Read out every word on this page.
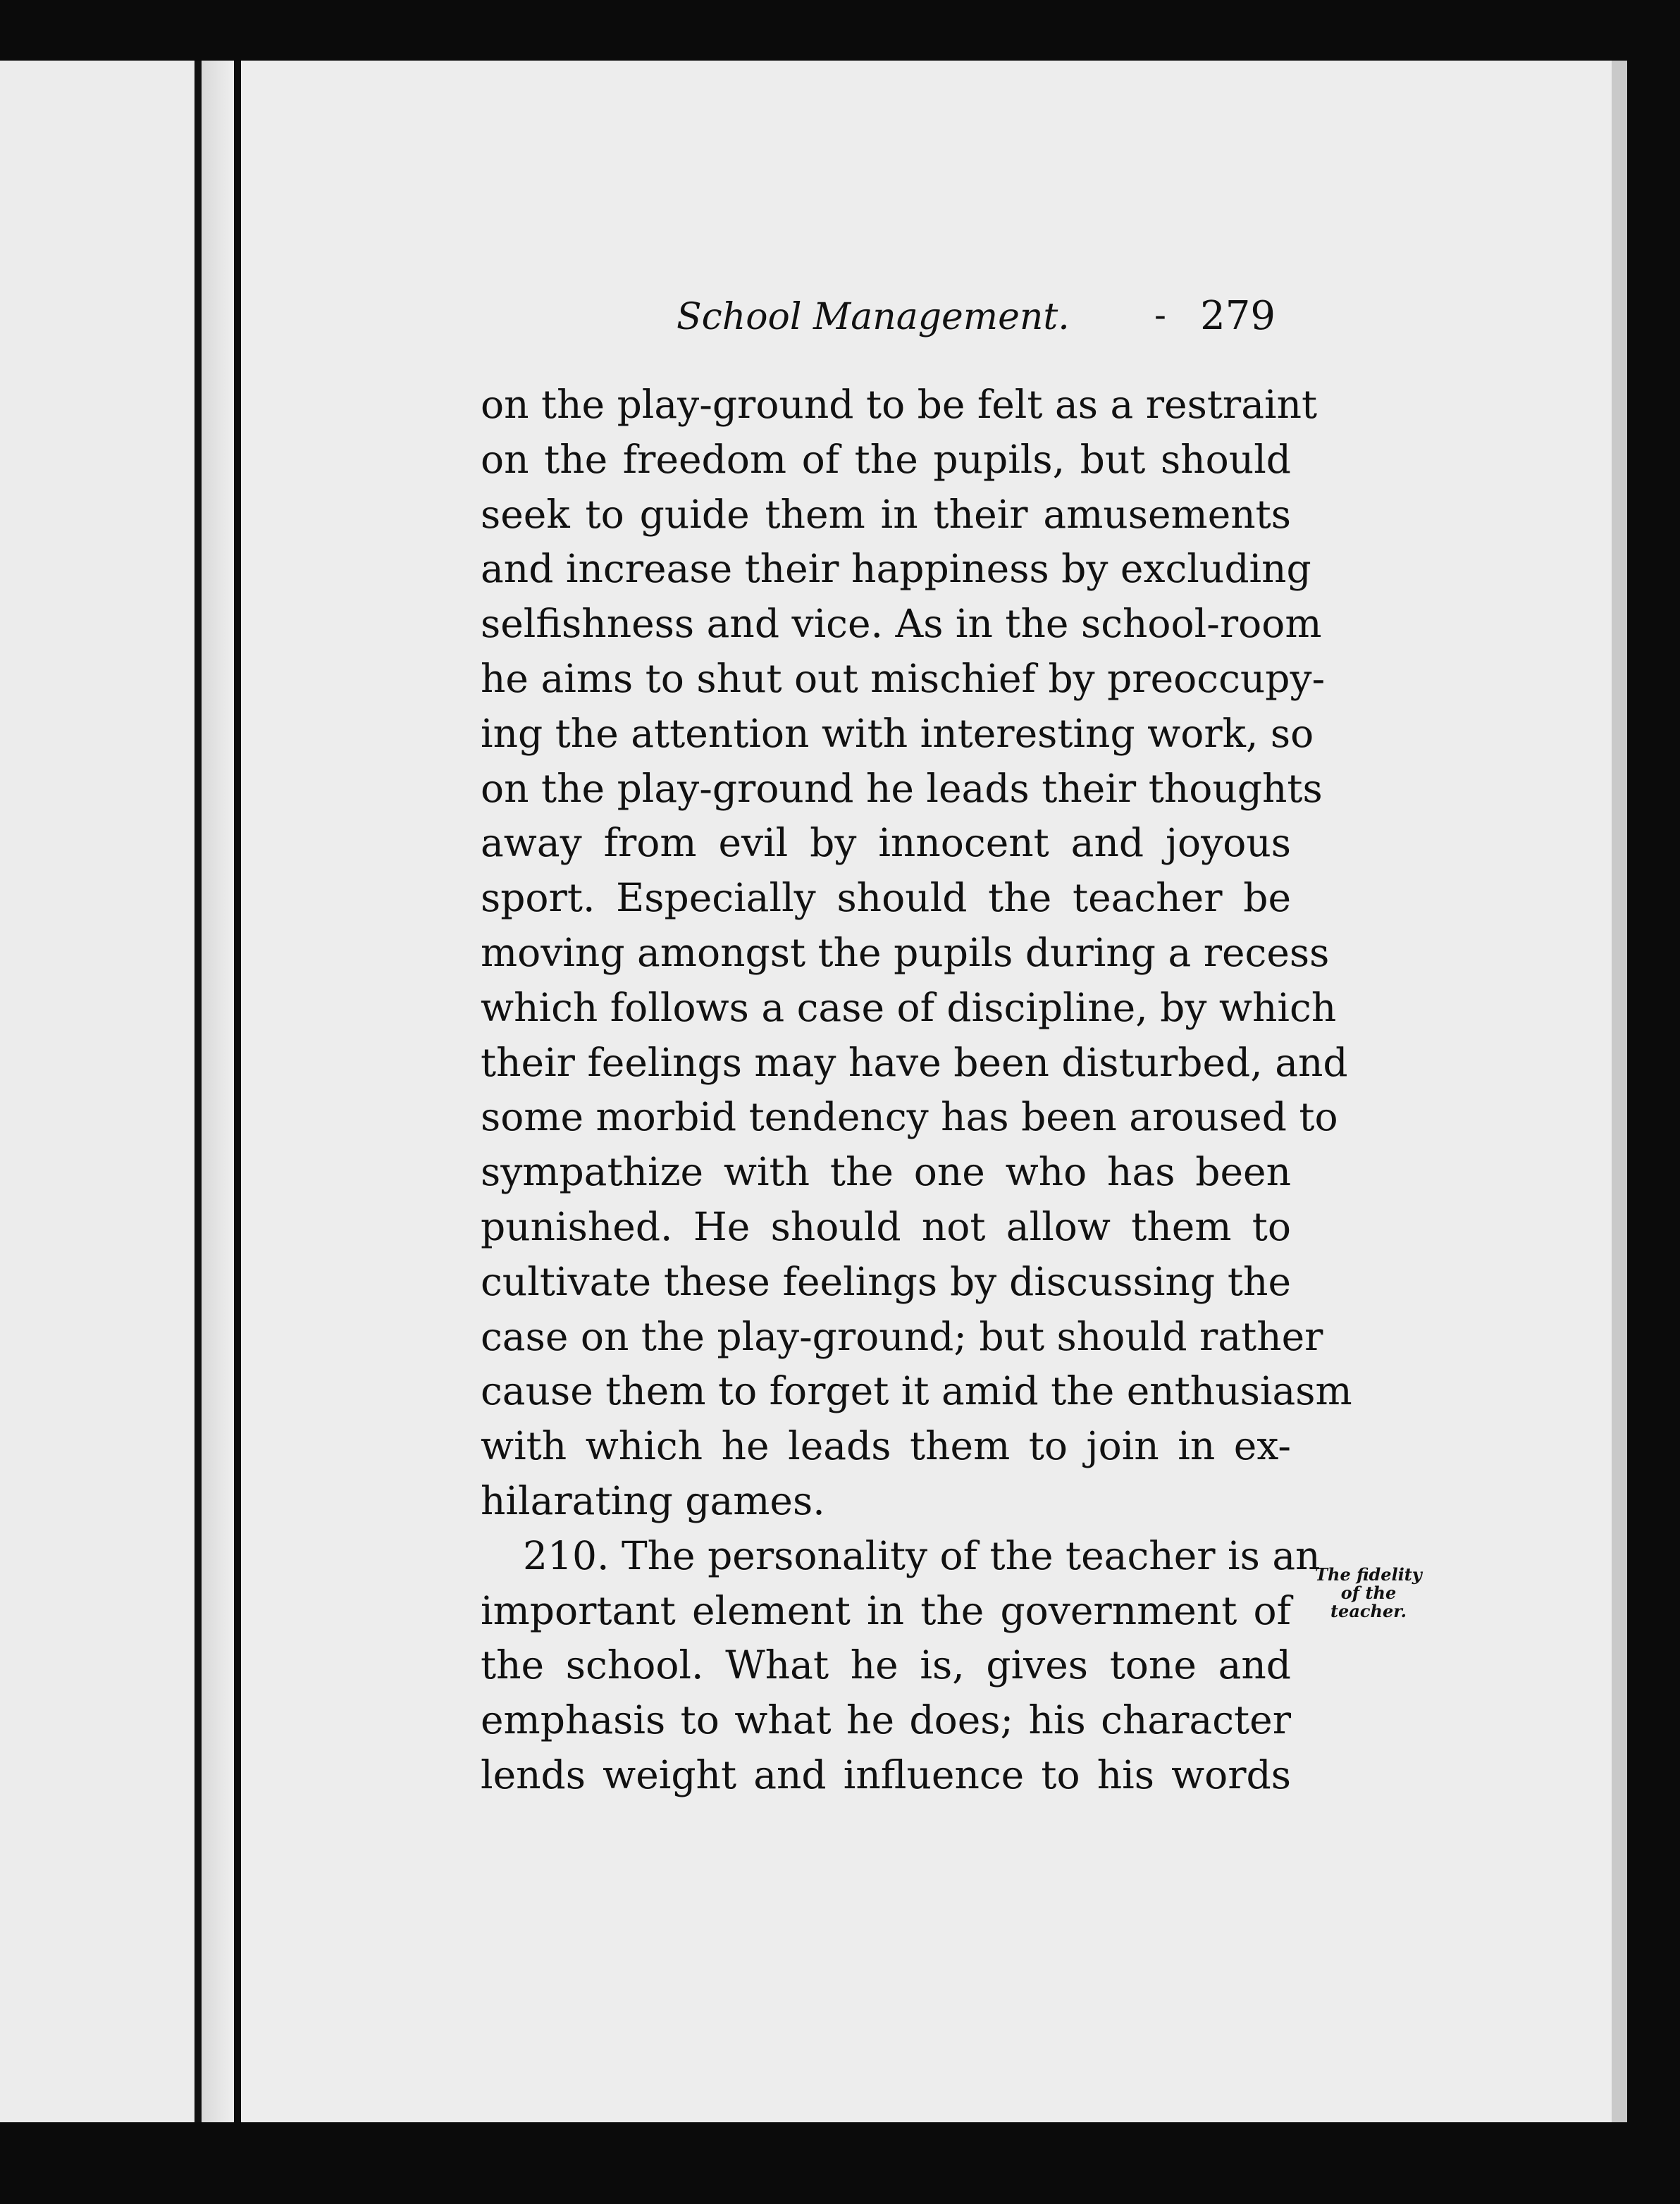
School Management. - 279
on the play-ground to be felt as a restraint
on the freedom of the pupils, but should
seek to guide them in their amusements
and increase their happiness by excluding
selfishness and vice. As in the school-room
he aims to shut out mischief by preoccupy-
ing the attention with interesting work, so
on the play-ground he leads their thoughts
away from evil by innocent and joyous
sport. Especially should the teacher be
moving amongst the pupils during a recess
which follows a case of discipline, by which
their feelings may have been disturbed, and
some morbid tendency has been aroused to
sympathize with the one who has been
punished. He should not allow them to
cultivate these feelings by discussing the
case on the play-ground; but should rather
cause them to forget it amid the enthusiasm
with which he leads them to join in ex-
hilarating games.
210. The personality of the teacher is an
important element in the government of
the school. What he is, gives tone and
emphasis to what he does; his character
lends weight and influence to his words
The fidelity
of the
teacher.
